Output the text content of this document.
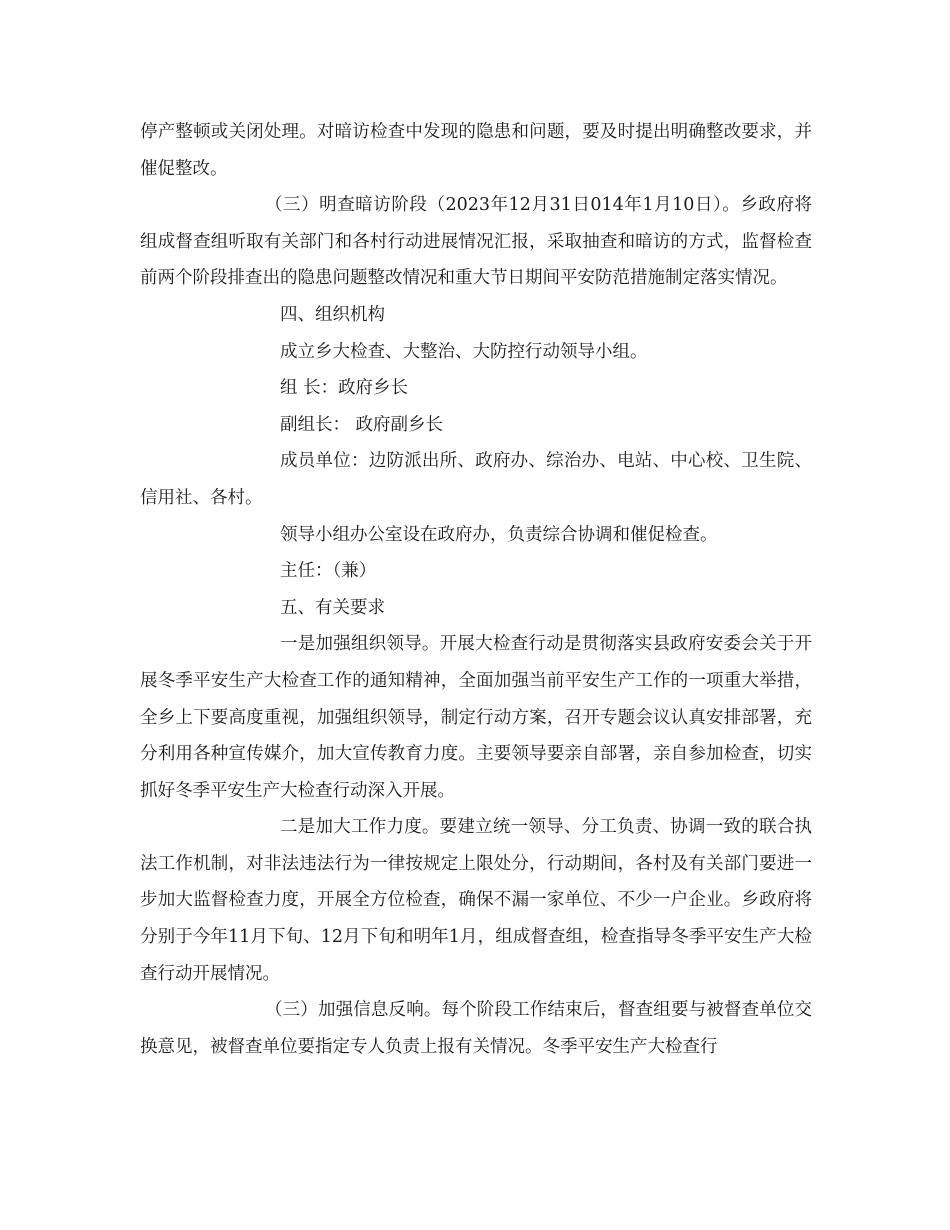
停产整顿或关闭处理。对暗访检查中发现的隐患和问题，要及时提出明确整改要求，并催促整改。

（三）明查暗访阶段（2023年12月31日014年1月10日）。乡政府将组成督查组听取有关部门和各村行动进展情况汇报，采取抽查和暗访的方式，监督检查前两个阶段排查出的隐患问题整改情况和重大节日期间平安防范措施制定落实情况。

四、组织机构

成立乡大检查、大整治、大防控行动领导小组。

组 长：政府乡长

副组长： 政府副乡长

成员单位：边防派出所、政府办、综治办、电站、中心校、卫生院、信用社、各村。

领导小组办公室设在政府办，负责综合协调和催促检查。

主任：（兼）

五、有关要求

一是加强组织领导。开展大检查行动是贯彻落实县政府安委会关于开展冬季平安生产大检查工作的通知精神，全面加强当前平安生产工作的一项重大举措，全乡上下要高度重视，加强组织领导，制定行动方案，召开专题会议认真安排部署，充分利用各种宣传媒介，加大宣传教育力度。主要领导要亲自部署，亲自参加检查，切实抓好冬季平安生产大检查行动深入开展。

二是加大工作力度。要建立统一领导、分工负责、协调一致的联合执法工作机制，对非法违法行为一律按规定上限处分，行动期间，各村及有关部门要进一步加大监督检查力度，开展全方位检查，确保不漏一家单位、不少一户企业。乡政府将分别于今年11月下旬、12月下旬和明年1月，组成督查组，检查指导冬季平安生产大检查行动开展情况。

（三）加强信息反响。每个阶段工作结束后，督查组要与被督查单位交换意见，被督查单位要指定专人负责上报有关情况。冬季平安生产大检查行
